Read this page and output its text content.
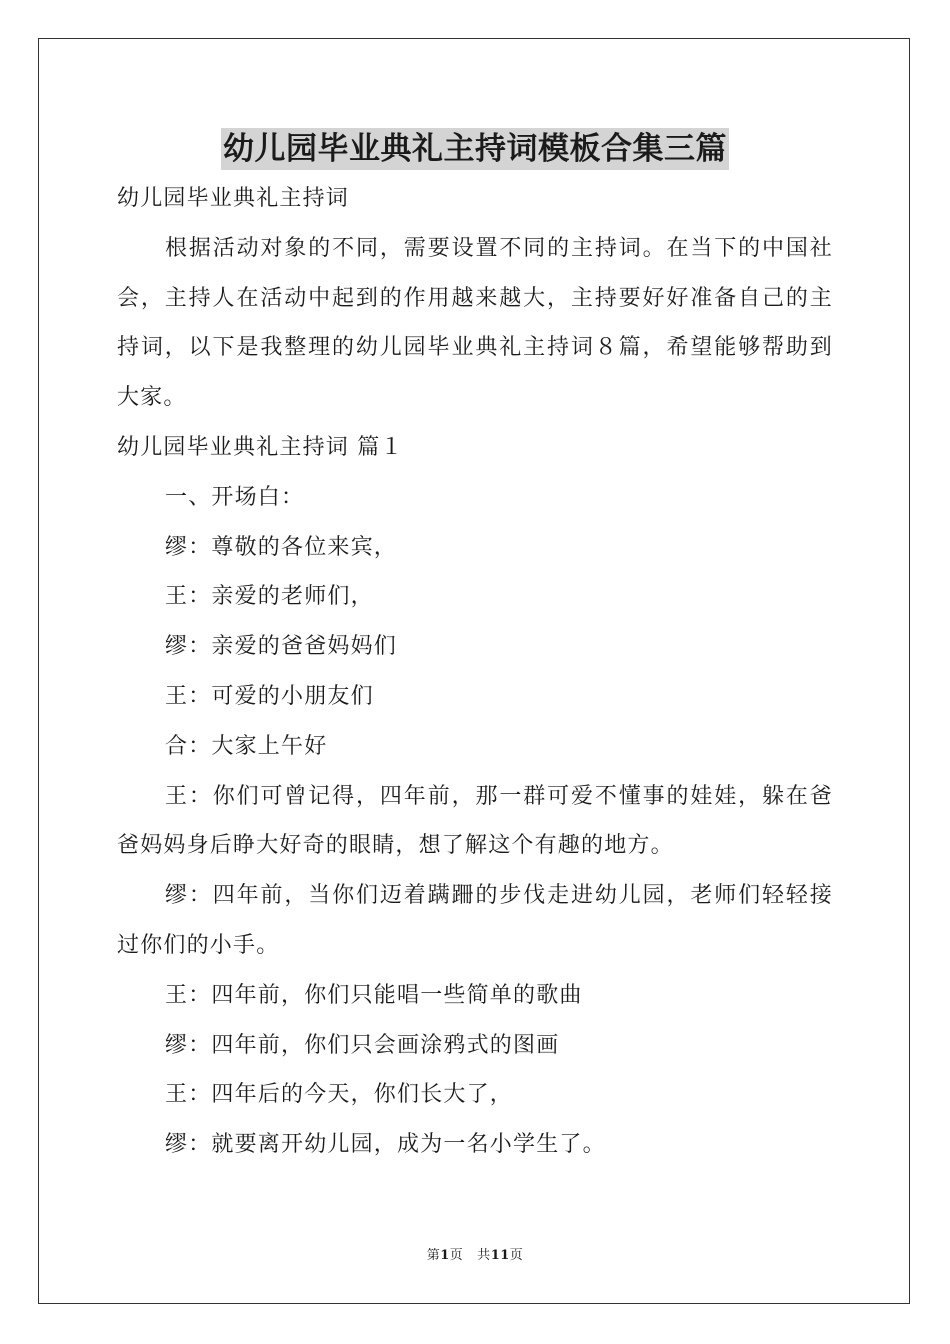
幼儿园毕业典礼主持词模板合集三篇

幼儿园毕业典礼主持词

根据活动对象的不同，需要设置不同的主持词。在当下的中国社会，主持人在活动中起到的作用越来越大，主持要好好准备自己的主持词，以下是我整理的幼儿园毕业典礼主持词８篇，希望能够帮助到大家。

幼儿园毕业典礼主持词 篇１

一、开场白：

缪：尊敬的各位来宾，

王：亲爱的老师们，

缪：亲爱的爸爸妈妈们

王：可爱的小朋友们

合：大家上午好

王：你们可曾记得，四年前，那一群可爱不懂事的娃娃，躲在爸爸妈妈身后睁大好奇的眼睛，想了解这个有趣的地方。

缪：四年前，当你们迈着蹒跚的步伐走进幼儿园，老师们轻轻接过你们的小手。

王：四年前，你们只能唱一些简单的歌曲

缪：四年前，你们只会画涂鸦式的图画

王：四年后的今天，你们长大了，

缪：就要离开幼儿园，成为一名小学生了。

第1页 共11页
